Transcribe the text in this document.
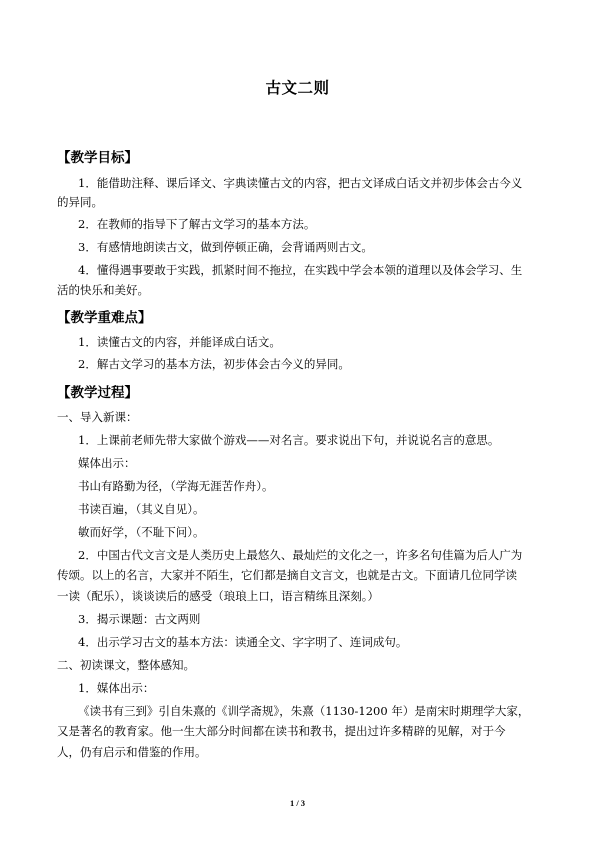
古文二则
【教学目标】
1．能借助注释、课后译文、字典读懂古文的内容，把古文译成白话文并初步体会古今义
的异同。
2．在教师的指导下了解古文学习的基本方法。
3．有感情地朗读古文，做到停顿正确，会背诵两则古文。
4．懂得遇事要敢于实践，抓紧时间不拖拉，在实践中学会本领的道理以及体会学习、生
活的快乐和美好。
【教学重难点】
1．读懂古文的内容，并能译成白话文。
2．解古文学习的基本方法，初步体会古今义的异同。
【教学过程】
一、导入新课：
1．上课前老师先带大家做个游戏——对名言。要求说出下句，并说说名言的意思。
媒体出示：
书山有路勤为径，（学海无涯苦作舟）。
书读百遍，（其义自见）。
敏而好学，（不耻下问）。
2．中国古代文言文是人类历史上最悠久、最灿烂的文化之一，许多名句佳篇为后人广为
传颂。以上的名言，大家并不陌生，它们都是摘自文言文，也就是古文。下面请几位同学读
一读（配乐），谈谈读后的感受（琅琅上口，语言精练且深刻。）
3．揭示课题：古文两则
4．出示学习古文的基本方法：读通全文、字字明了、连词成句。
二、初读课文，整体感知。
1．媒体出示：
《读书有三到》引自朱熹的《训学斋规》，朱熹（1130-1200 年）是南宋时期理学大家，
又是著名的教育家。他一生大部分时间都在读书和教书，提出过许多精辟的见解，对于今
人，仍有启示和借鉴的作用。
1 / 3
